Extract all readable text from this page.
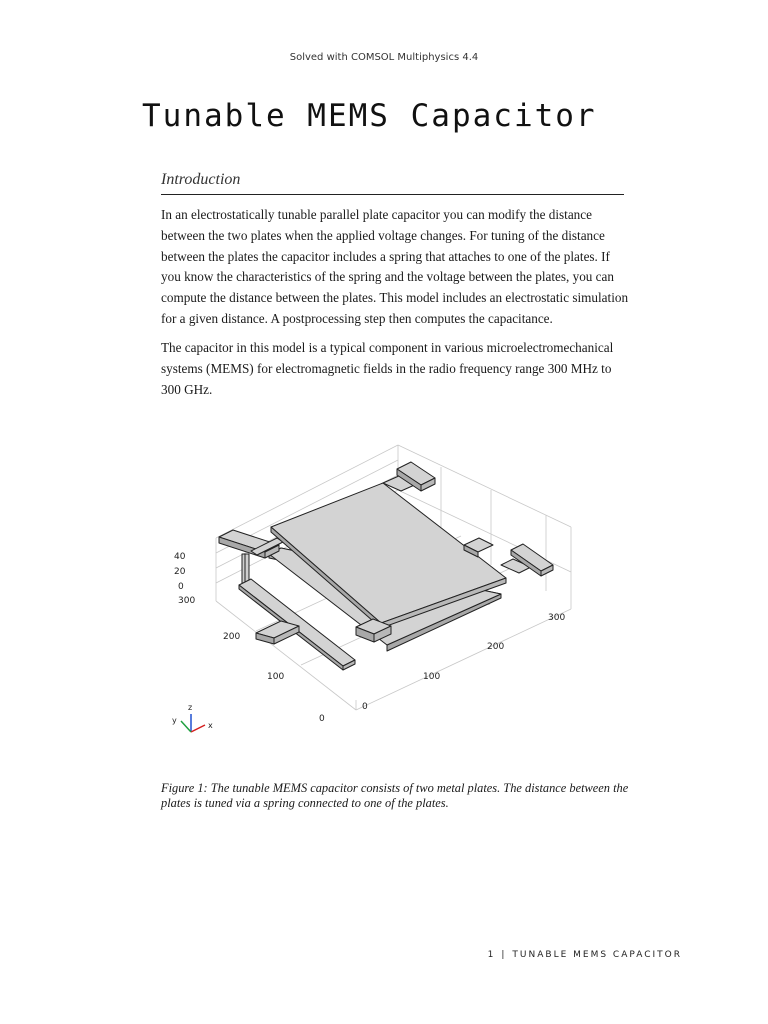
Solved with COMSOL Multiphysics 4.4
Tunable MEMS Capacitor
Introduction

In an electrostatically tunable parallel plate capacitor you can modify the distance between the two plates when the applied voltage changes. For tuning of the distance between the plates the capacitor includes a spring that attaches to one of the plates. If you know the characteristics of the spring and the voltage between the plates, you can compute the distance between the plates. This model includes an electrostatic simulation for a given distance. A postprocessing step then computes the capacitance.

The capacitor in this model is a typical component in various microelectromechanical systems (MEMS) for electromagnetic fields in the radio frequency range 300 MHz to 300 GHz.

40
20
0
300
200
100
0
0
100
200
300
z
y
x

Figure 1: The tunable MEMS capacitor consists of two metal plates. The distance between the plates is tuned via a spring connected to one of the plates.

1 | TUNABLE MEMS CAPACITOR
